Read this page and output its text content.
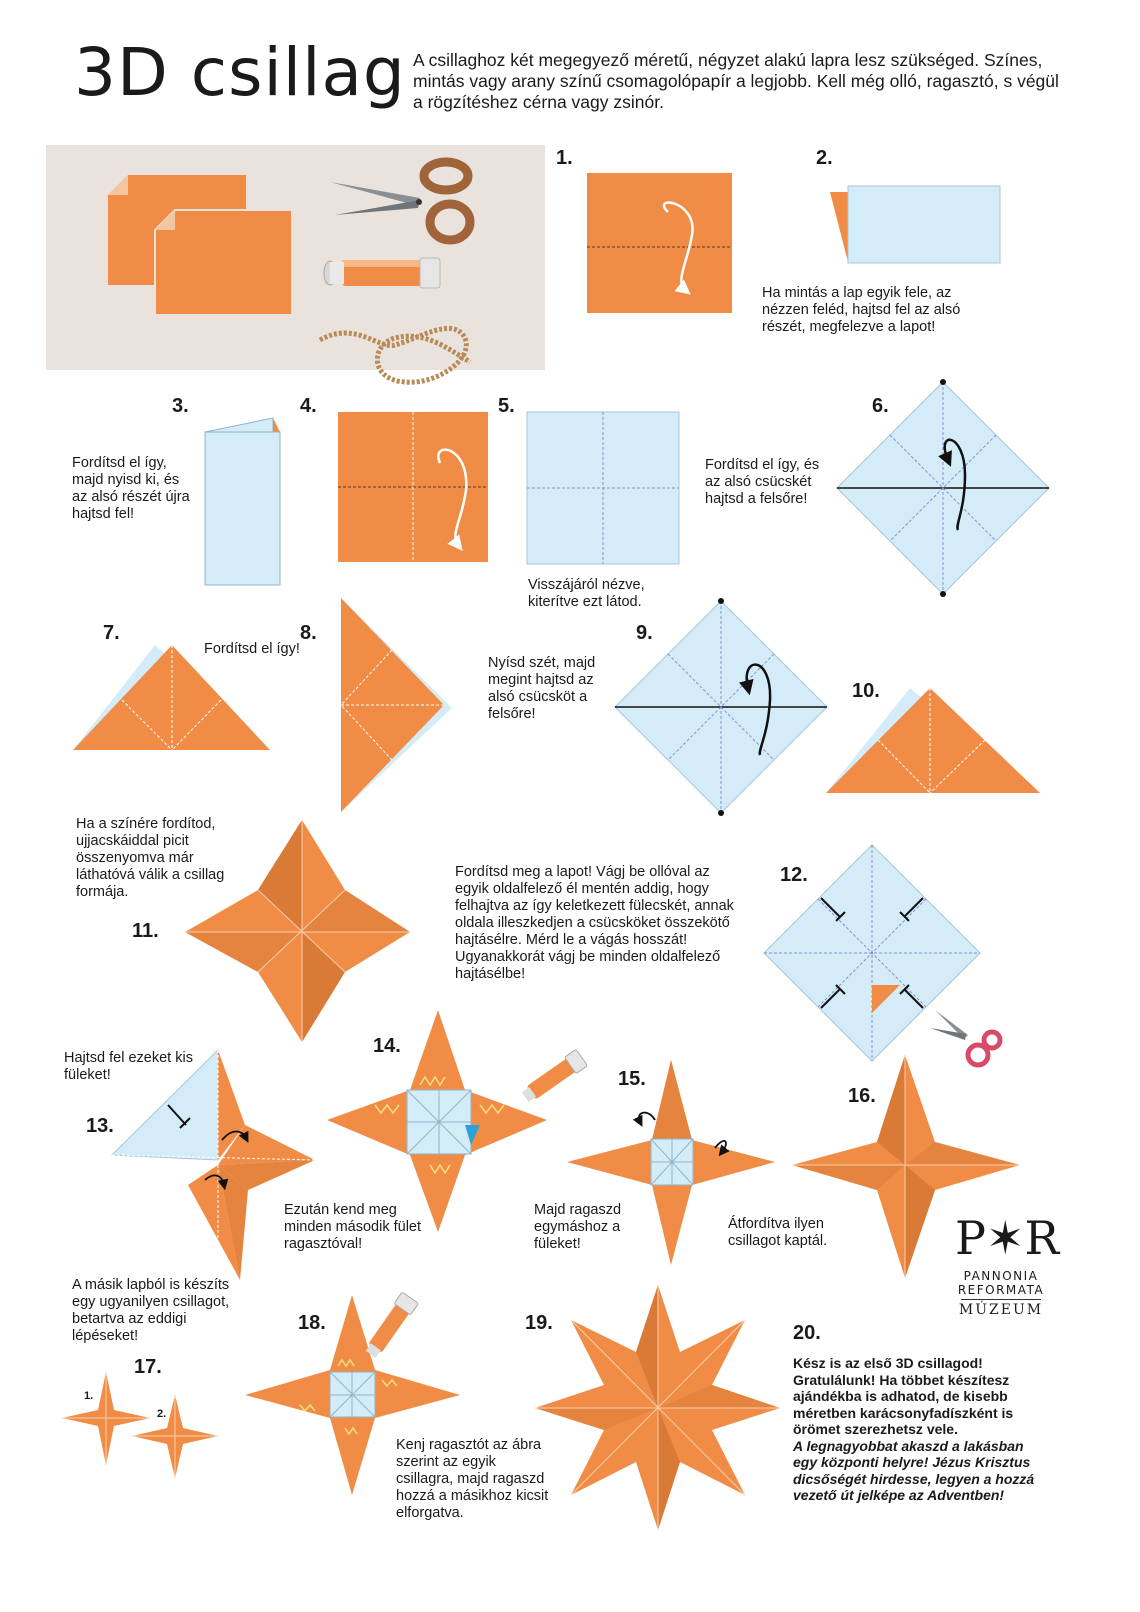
3D csillag A csillaghoz két megegyező méretű, négyzet alakú lapra lesz szükséged. Színes, mintás vagy arany színű csomagolópapír a legjobb. Kell még olló, ragasztó, s végül a rögzítéshez cérna vagy zsinór.
1.	2.
Ha mintás a lap egyik fele, az nézzen feléd, hajtsd fel az alsó részét, megfelezve a lapot!
3.
Fordítsd el így, majd nyisd ki, és az alsó részét újra hajtsd fel!
4.	5.
Visszájáról nézve, kiterítve ezt látod.
6.
Fordítsd el így, és az alsó csücskét hajtsd a felsőre!
7.
Fordítsd el így!
8.	9.
Nyísd szét, majd megint hajtsd az alsó csücsköt a felsőre!
10.
Ha a színére fordítod, ujjacskáiddal picit összenyomva már láthatóvá válik a csillag formája.
11.
Fordítsd meg a lapot! Vágj be ollóval az egyik oldalfelező él mentén addig, hogy felhajtva az így keletkezett fülecskét, annak oldala illeszkedjen a csücsköket összekötő hajtásélre. Mérd le a vágás hosszát! Ugyanakkorát vágj be minden oldalfelező hajtásélbe!
12.
Hajtsd fel ezeket kis füleket!
13.
14.
Ezután kend meg minden második fület ragasztóval!
15.
Majd ragaszd egymáshoz a füleket!
16.
Átfordítva ilyen csillagot kaptál.
A másik lapból is készíts egy ugyanilyen csillagot, betartva az eddigi lépéseket!
17.
1.
2.
18.
Kenj ragasztót az ábra szerint az egyik csillagra, majd ragaszd hozzá a másikhoz kicsit elforgatva.
19.	20.
Kész is az első 3D csillagod! Gratulálunk! Ha többet készítesz ajándékba is adhatod, de kisebb méretben karácsonyfadíszként is örömet szerezhetsz vele.
A legnagyobbat akaszd a lakásban egy központi helyre! Jézus Krisztus dicsőségét hirdesse, legyen a hozzá vezető út jelképe az Adventben!
P✶R
PANNONIA
REFORMATA
MÚZEUM
